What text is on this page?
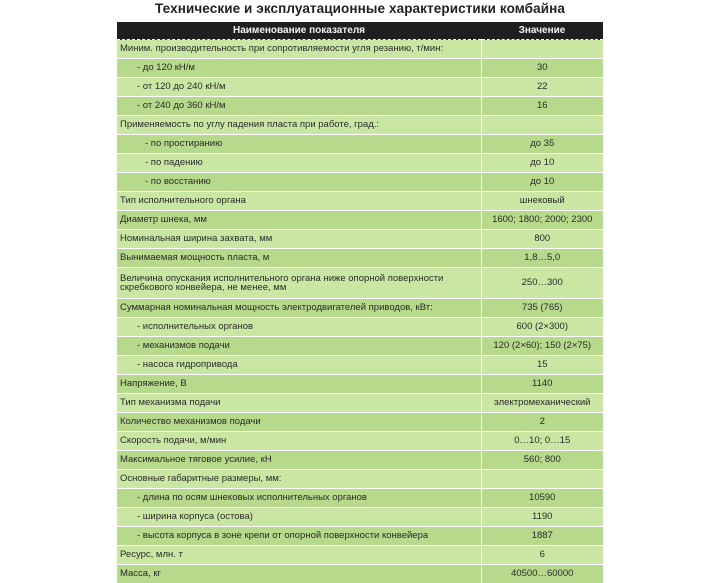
Технические и эксплуатационные характеристики комбайна
Наименование показателя	Значение
Миним. производительность при сопротивляемости угля резанию, т/мин:	
- до 120 кН/м	30
- от 120 до 240 кН/м	22
- от 240 до 360 кН/м	16
Применяемость по углу падения пласта при работе, град.:	
- по простиранию	до 35
- по падению	до 10
- по восстанию	до 10
Тип исполнительного органа	шнековый
Диаметр шнека, мм	1600; 1800; 2000; 2300
Номинальная ширина захвата, мм	800
Вынимаемая мощность пласта, м	1,8…5,0
Величина опускания исполнительного органа ниже опорной поверхности скребкового конвейера, не менее, мм	250…300
Суммарная номинальная мощность электродвигателей приводов, кВт:	735 (765)
- исполнительных органов	600 (2×300)
- механизмов подачи	120 (2×60); 150 (2×75)
- насоса гидропривода	15
Напряжение, В	1140
Тип механизма подачи	электромеханический
Количество механизмов подачи	2
Скорость подачи, м/мин	0…10; 0…15
Максимальное тяговое усилие, кН	560; 800
Основные габаритные размеры, мм:	
- длина по осям шнековых исполнительных органов	10590
- ширина корпуса (остова)	1190
- высота корпуса в зоне крепи от опорной поверхности конвейера	1887
Ресурс, млн. т	6
Масса, кг	40500…60000
